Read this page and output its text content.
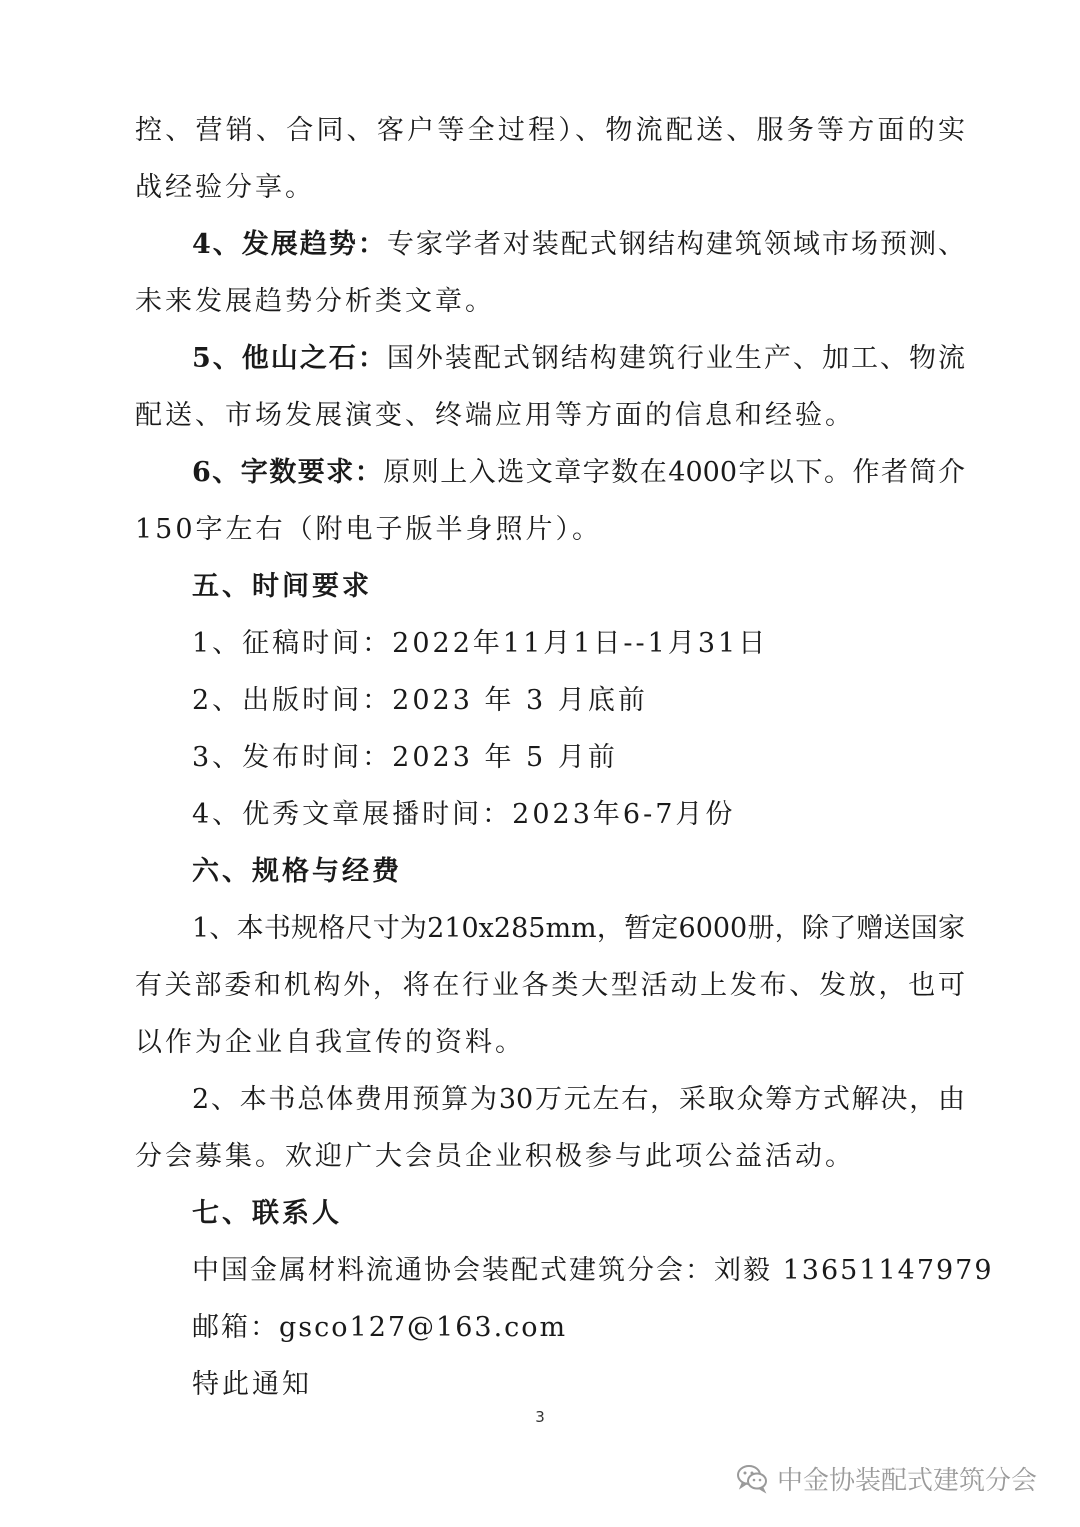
控、营销、合同、客户等全过程）、物流配送、服务等方面的实
战经验分享。
4、发展趋势：专家学者对装配式钢结构建筑领域市场预测、
未来发展趋势分析类文章。
5、他山之石：国外装配式钢结构建筑行业生产、加工、物流
配送、市场发展演变、终端应用等方面的信息和经验。
6、字数要求：原则上入选文章字数在4000字以下。作者简介
150字左右（附电子版半身照片）。
五、时间要求
1、征稿时间：2022年11月1日--1月31日
2、出版时间：2023 年 3 月底前
3、发布时间：2023 年 5 月前
4、优秀文章展播时间：2023年6-7月份
六、规格与经费
1、本书规格尺寸为210x285mm，暂定6000册，除了赠送国家
有关部委和机构外，将在行业各类大型活动上发布、发放，也可
以作为企业自我宣传的资料。
2、本书总体费用预算为30万元左右，采取众筹方式解决，由
分会募集。欢迎广大会员企业积极参与此项公益活动。
七、联系人
中国金属材料流通协会装配式建筑分会：刘毅 13651147979
邮箱：gsco127@163.com
特此通知
3
中金协装配式建筑分会
